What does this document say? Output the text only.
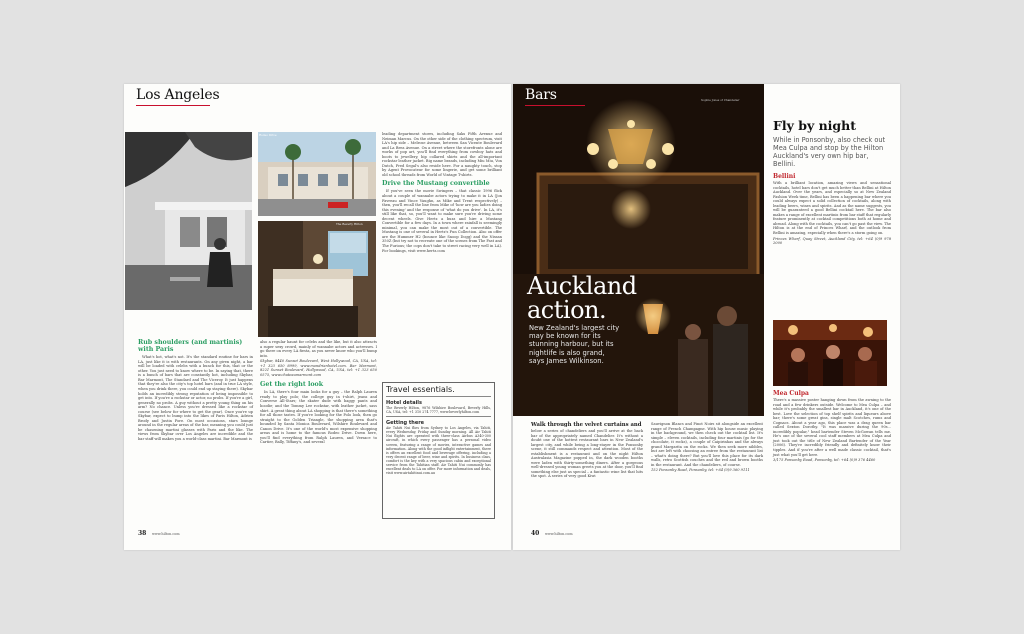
Los Angeles
Rodeo Drive
The Beverly Hilton
Rub shoulders (and martinis) with Paris

What's hot, what's not. It's the standard routine for bars in LA, just like it is with restaurants. On any given night, a bar will be loaded with celebs with a bunch for this, that or the other. You just need to know where to be. In saying that, there is a bunch of bars that are constantly hot, including Skybar, Bar Marmont, The Standard and The Viceroy. It just happens that they're also the city's top hotel bars (and in true LA style, when you drink there, you could end up staying there). Skybar holds an incredibly strong reputation of being impossible to get into. If you're a rockstar or actor, no probs. If you're a girl, generally no probs. A guy without a pretty young thing on his arm? No chance. Unless you're dressed like a rockstar of course (see below for where to get the gear). Once you're up Skybar, expect to bump into the likes of Paris Hilton, Adrien Brody and Justin Fore. On most occasions, stars lounge around in the regular areas of the bar, meaning you could just be chasening martini glasses with Paris and the like. The views from Skybar over Los Angeles are incredible and the bar staff will makes you a world-class martini. Bar Marmont is

also a regular haunt for celebs and the like, but it also attracts a super sexy crowd, mainly of wannabe actors and actresses. I go there on every LA fiesta, as you never know who you'll bump into.

Skybar, 8440 Sunset Boulevard, West Hollywood, CA, USA, tel: +1 323 650 8999, www.mondrianhotel.com. Bar Marmont, 8221 Sunset Boulevard, Hollywood, CA, USA, tel: +1 323 650 0575, www.chateaumarmont.com

Get the right look

In LA, there's four main looks for a guy – the Ralph Lauren ready to play polo; the college guy in t-shirt, jeans and Converse All-Stars; the skater dude with baggy pants and hoodie; and the Tommy Lee rockstar, with leather jacket, sass shirt. A great thing about LA shopping is that there's something for all those tastes. If you're looking for the Polo look, then go straight to the Golden Triangle, the shopping area that's bounded by Santa Monica Boulevard, Wilshire Boulevard and Canon Drive. It's one of the world's most expensive shopping areas and is home to the famous Rodeo Drive. Down here, you'll find everything from Ralph Lauren, and Versace to Cartier, Bally, Tiffany's, and several

leading department stores, including Saks Fifth Avenue and Neiman Marcus. On the other side of the clothing spectrum, visit LA's hip side – Melrose Avenue, between San Vicente Boulevard and La Brea Avenue. On a street where the storefronts alone are works of pop art, you'll find everything from cowboy hats and boots to jewellery, hip collared shirts and the all-important rockstar leather jacket. Big name brands, including Miu Miu, Von Dutch, Fred Segal's also reside here. For a naughty touch, stop by Agent Provocateur for some lingerie, and get some brilliant old school threads from World of Vintage T-shirts.

Drive the Mustang convertible

If you've seen the movie Swingers – that classic 1996 flick about a couple of wannabe actors trying to make it in LA (Jon Favreau and Vince Vaughn, as Mike and Trent respectively) – then, you'll recall the line from Mike of 'how are you ladies doing this evening' and the response of 'what do you drive'. In LA, it's still like that, so, you'll want to make sure you're driving some decent wheels. Give Hertz a buzz and hire a Mustang Convertible for a few days. In a town where rainfall is seemingly minimal, you can make the most out of a convertible. The Mustang is one of several in Hertz's Fun Collection. Also on offer are the Hummer H2 (bounce like Snoop Dogg) and the Nissan 350Z (but try not to recreate one of the scenes from The Fast and The Furious; the cops don't take to street racing very well in LA). For bookings, visit www.hertz.com

Travel essentials.
Hotel details
The Beverly Hilton, 9876 Wilshire Boulevard, Beverly Hills, CA, USA, tel: +1 310 274 7777, www.beverlyhilton.com
Getting there
Air Tahiti Nui flies from Sydney to Los Angeles, via Tahiti, every Wednesday, Friday and Sunday morning. All Air Tahiti Nui flights are operated with three-class Airbus A340-300 aircraft, in which every passenger has a personal video screen, featuring a range of movies, interactive games and information. Along with the good inflight entertainment, there is offers an excellent food and beverage offering, including a very decent range of beer, wine and spirits. In business class, comfort is the key with a very spacious cabin and exceptional service from the Tahitian staff. Air Tahiti Nui commonly has excellent deals to LA on offer. For more information and deals, visit www.airtahitinui.com.au
38 www.hilton.com
Bars	Sophie Jones of Chandelier
Auckland
action.
New Zealand's largest city may be known for its stunning harbour, but its nightlife is also grand, says James Wilkinson.
Walk through the velvet curtains and

below a series of chandeliers and you'll arrive at the back bar of the appropriately named Chandelier. It's without a doubt one of the hottest restaurant bars in New Zealand's largest city, and while being a long-stayer in the Ponsonby scene, it still commands respect and attention. Most of the establishment is a restaurant and on the night Hilton Australasia Magazine popped in, the dark wooden booths were laden with thirty-something diners. After a gorgeous well-dressed young woman greets you at the door, you'll find something else just as special – a fantastic wine list that hits the spot. A series of very good Kiwi

Sauvignon Blancs and Pinot Noirs sit alongside an excellent range of French Champagne. With hip house music playing in the background, we then check out the cocktail list. It's simple – eleven cocktails, including four martinis (go for the chocolate, it rocks), a couple of Caipirinhas and the always grand Margarita on the rocks. We then seek more nibbles, but are left with choosing an entree from the restaurant list – what's doing there? But you'll love this place for its dark walls, retro Scottish couches and the red and brown booths in the restaurant. And the chandeliers, of course.

152 Ponsonby Road, Ponsonby, tel: +64 (0)9 360 9111

Fly by night
While in Ponsonby, also check out Mea Culpa and stop by the Hilton Auckland's very own hip bar, Bellini.
Bellini

With a brilliant location, amazing views and sensational cocktails, hotel bars don't get much better than Bellini at Hilton Auckland. Over the years, and especially so at New Zealand Fashion Week time, Bellini has been a happening bar where you could always expect a solid collection of cocktails, along with leading beers, wines and spirits. And as the name suggests, you will be guaranteed a good Bellini cocktail here. The bar also makes a range of excellent martinis from bar staff that regularly feature prominently at cocktail competitions both at home and abroad. Along with the cocktails, you can't go past the view. The Hilton is at the end of Princes Wharf, and the outlook from Bellini is amazing, especially when there's a storm going on.

Princes Wharf, Quay Street, Auckland City, tel: +64 (0)9 978 2000

Mea Culpa

There's a massive poster hanging down from the awning to the road and a few drinkers outside. Welcome to Mea Culpa – and while it's probably the smallest bar in Auckland, it's one of the best. Love the selection of top shelf spirits and liqueurs above bar; there's some great gins, single malt Scotches, rums and Cognacs. About a year ago, this place was a drag queen bar called Sexton Dorothy. "It was massive during the 90s... incredibly popular," head bartender Steven McGowan tells me. He's one of the several cool staff members at Mea Culpa and just took out the title of New Zealand Bartender of the Year (2006). They're incredibly friendly and definitely know their tipples. And if you're after a well made classic cocktail, that's just what you'll get here.

3/175 Ponsonby Road, Ponsonby, tel: +64 (0)9 376 4460

40 www.hilton.com
